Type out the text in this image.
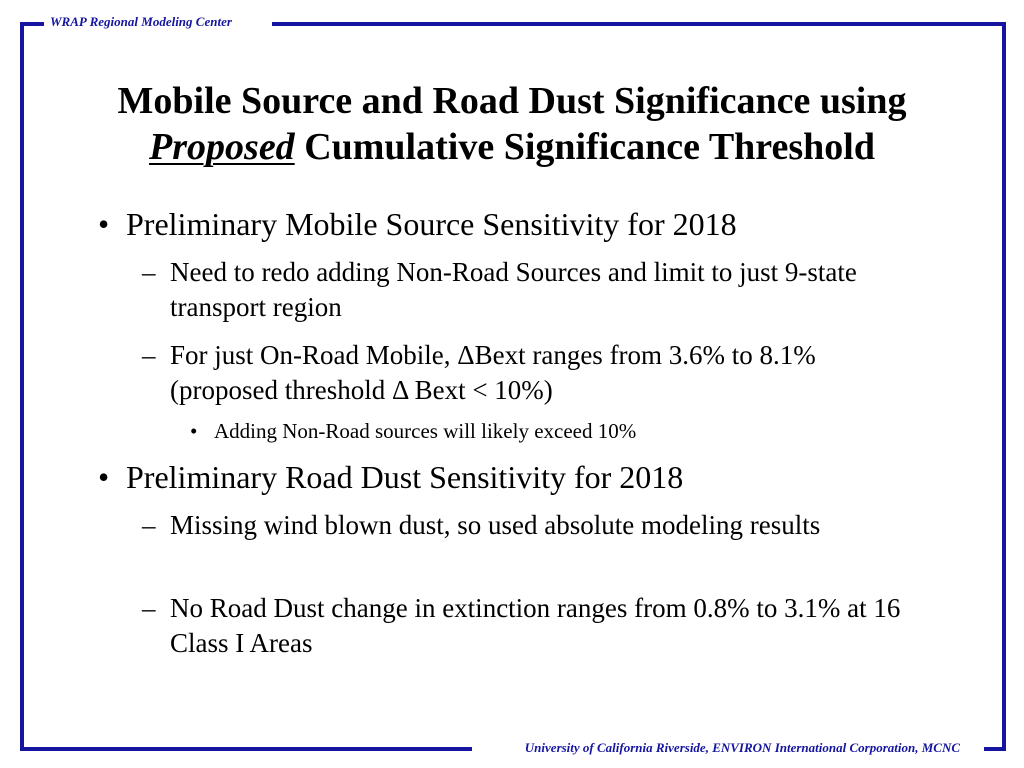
WRAP Regional Modeling Center
University of California Riverside, ENVIRON International Corporation, MCNC
Mobile Source and Road Dust Significance using
Proposed Cumulative Significance Threshold
• Preliminary Mobile Source Sensitivity for 2018
– Need to redo adding Non-Road Sources and limit to just 9-state transport region
– For just On-Road Mobile, ΔBext ranges from 3.6% to 8.1% (proposed threshold Δ Bext < 10%)
• Adding Non-Road sources will likely exceed 10%
• Preliminary Road Dust Sensitivity for 2018
– Missing wind blown dust, so used absolute modeling results
– No Road Dust change in extinction ranges from 0.8% to 3.1% at 16 Class I Areas
